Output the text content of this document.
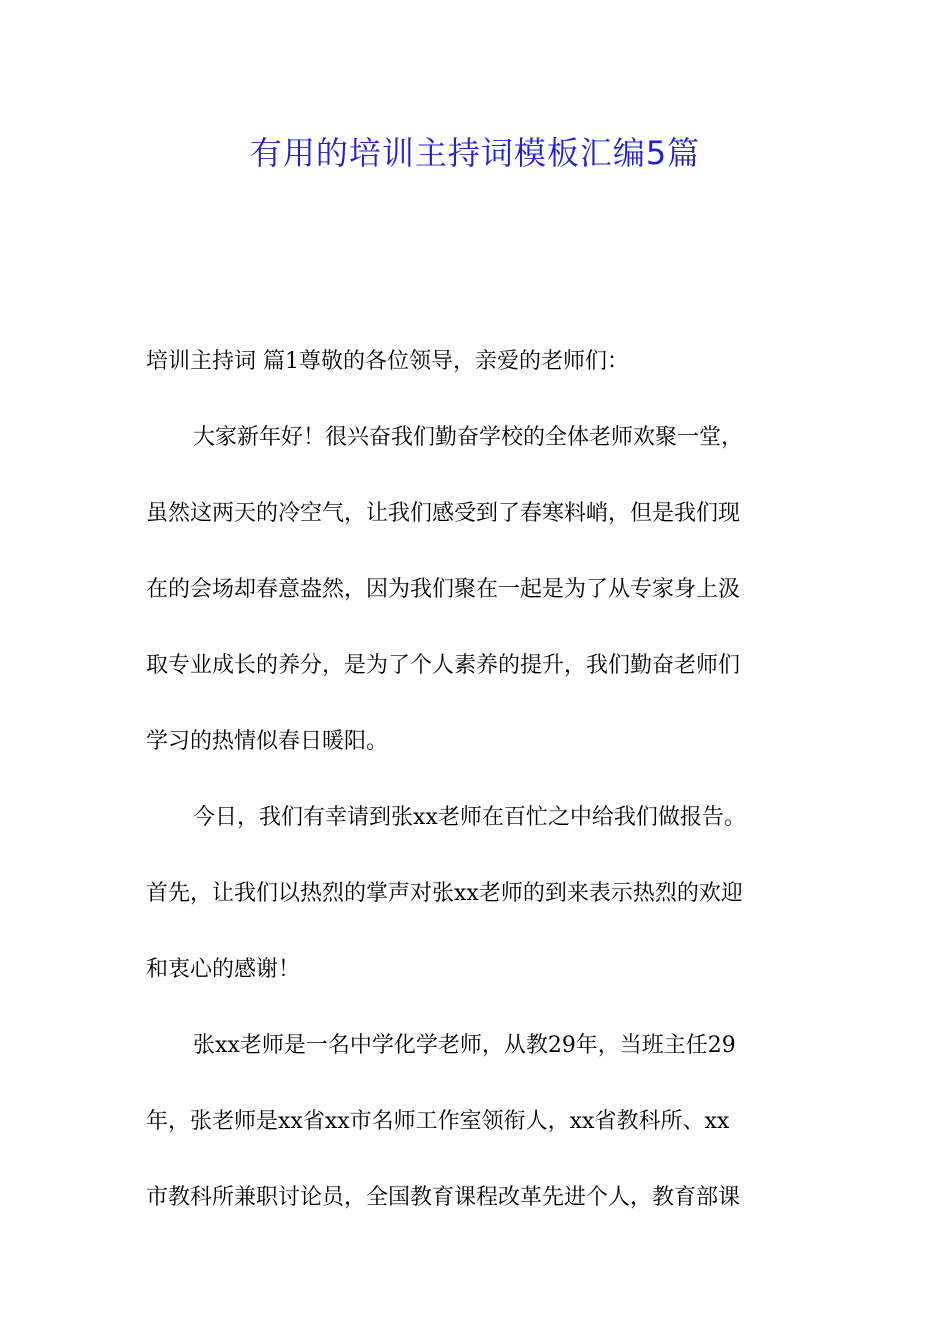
有用的培训主持词模板汇编5篇
培训主持词 篇1尊敬的各位领导，亲爱的老师们：
大家新年好！很兴奋我们勤奋学校的全体老师欢聚一堂，
虽然这两天的冷空气，让我们感受到了春寒料峭，但是我们现
在的会场却春意盎然，因为我们聚在一起是为了从专家身上汲
取专业成长的养分，是为了个人素养的提升，我们勤奋老师们
学习的热情似春日暖阳。
今日，我们有幸请到张xx老师在百忙之中给我们做报告。
首先，让我们以热烈的掌声对张xx老师的到来表示热烈的欢迎
和衷心的感谢！
张xx老师是一名中学化学老师，从教29年，当班主任29
年，张老师是xx省xx市名师工作室领衔人，xx省教科所、xx
市教科所兼职讨论员，全国教育课程改革先进个人，教育部课
